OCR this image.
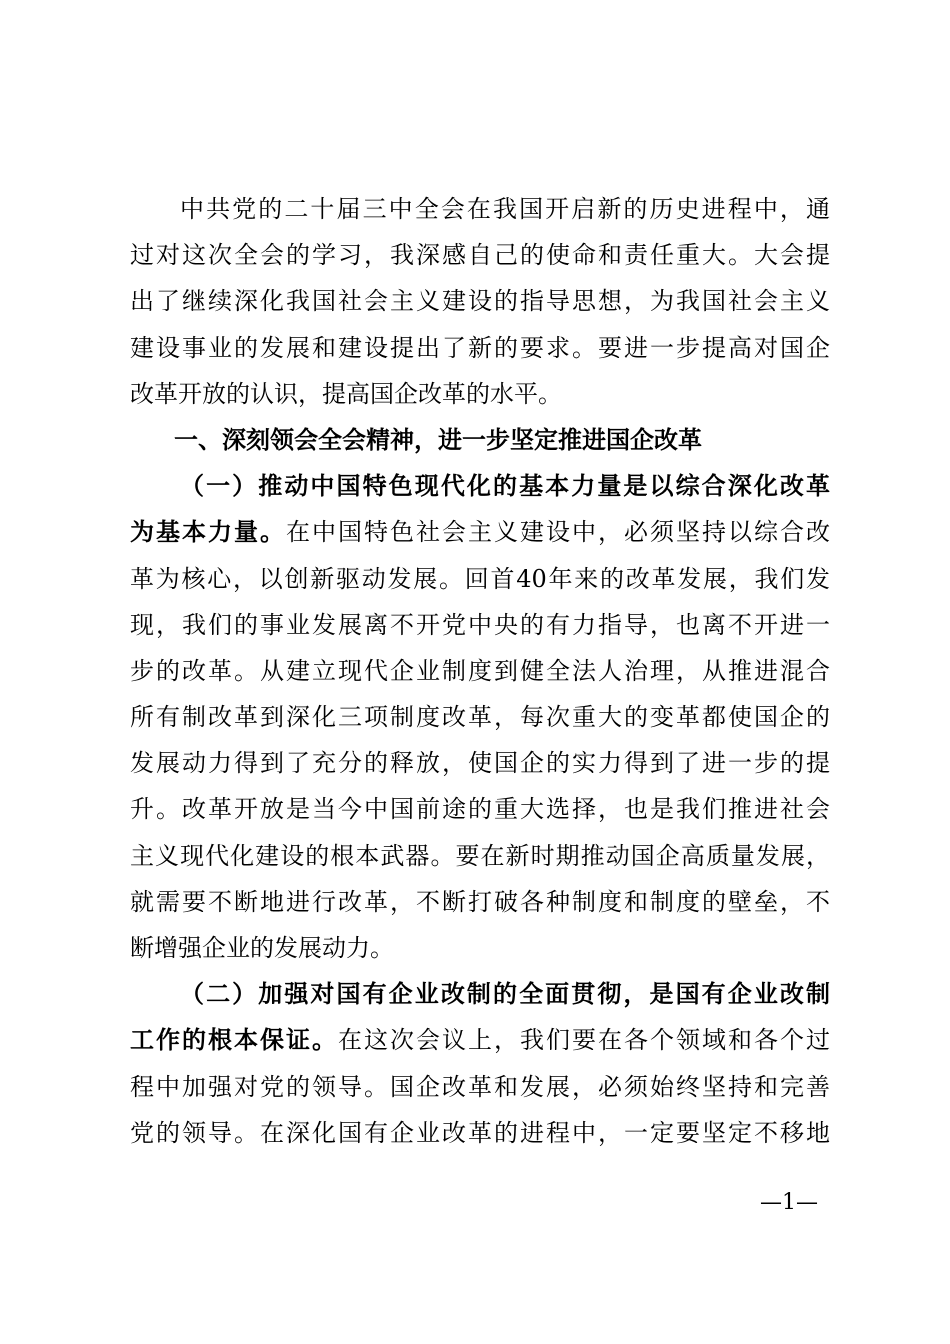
中共党的二十届三中全会在我国开启新的历史进程中，通
过对这次全会的学习，我深感自己的使命和责任重大。大会提
出了继续深化我国社会主义建设的指导思想，为我国社会主义
建设事业的发展和建设提出了新的要求。要进一步提高对国企
改革开放的认识，提高国企改革的水平。
一、深刻领会全会精神，进一步坚定推进国企改革
（一）推动中国特色现代化的基本力量是以综合深化改革
为基本力量。在中国特色社会主义建设中，必须坚持以综合改
革为核心，以创新驱动发展。回首40年来的改革发展，我们发
现，我们的事业发展离不开党中央的有力指导，也离不开进一
步的改革。从建立现代企业制度到健全法人治理，从推进混合
所有制改革到深化三项制度改革，每次重大的变革都使国企的
发展动力得到了充分的释放，使国企的实力得到了进一步的提
升。改革开放是当今中国前途的重大选择，也是我们推进社会
主义现代化建设的根本武器。要在新时期推动国企高质量发展，
就需要不断地进行改革，不断打破各种制度和制度的壁垒，不
断增强企业的发展动力。
（二）加强对国有企业改制的全面贯彻，是国有企业改制
工作的根本保证。在这次会议上，我们要在各个领域和各个过
程中加强对党的领导。国企改革和发展，必须始终坚持和完善
党的领导。在深化国有企业改革的进程中，一定要坚定不移地
—1—
